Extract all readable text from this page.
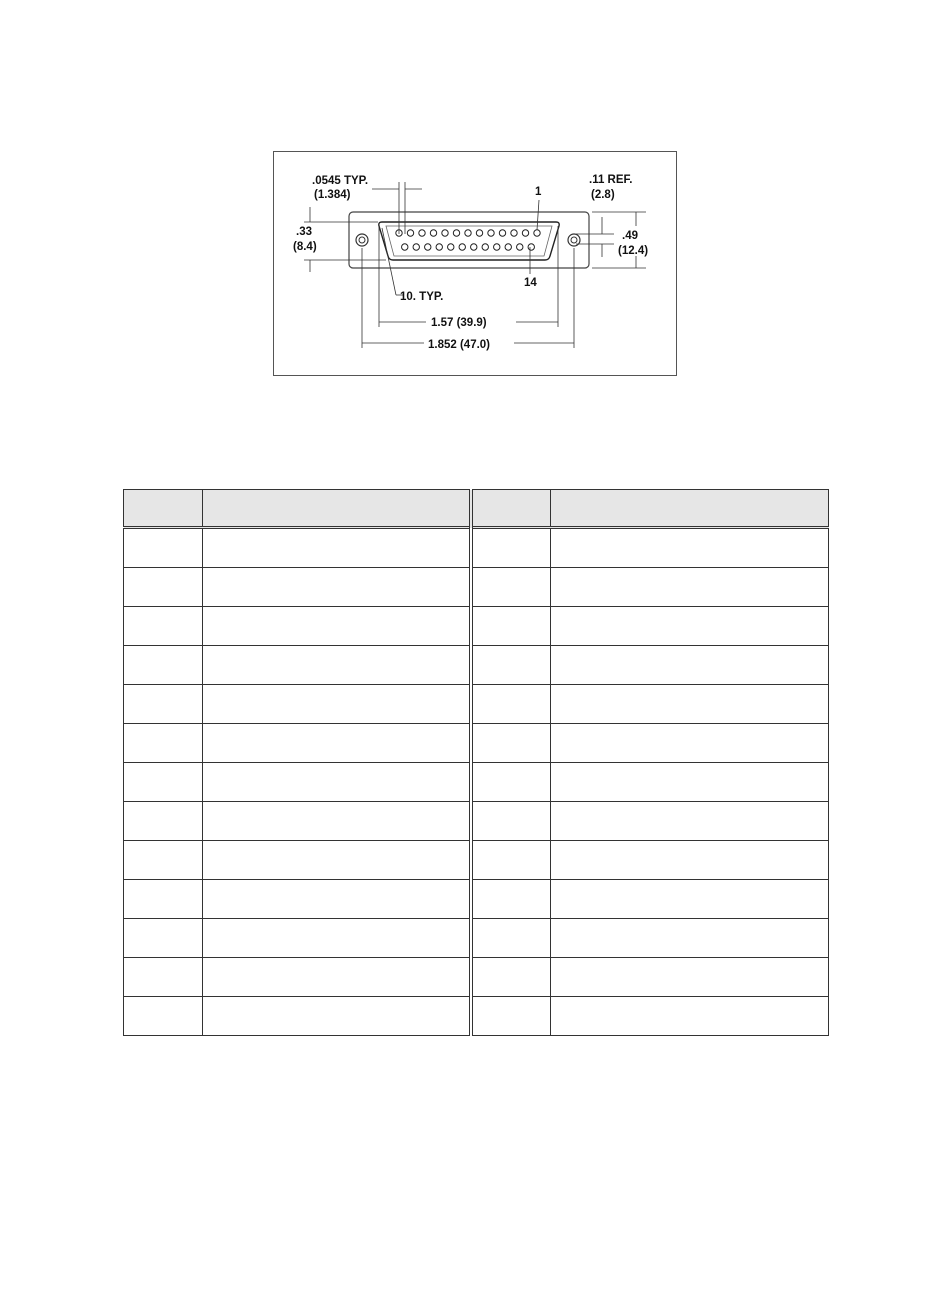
.0545 TYP.
(1.384)	1
14
.11 REF.
(2.8)
.49
(12.4)
.33
(8.4)
10. TYP.
1.57 (39.9)
1.852 (47.0)
